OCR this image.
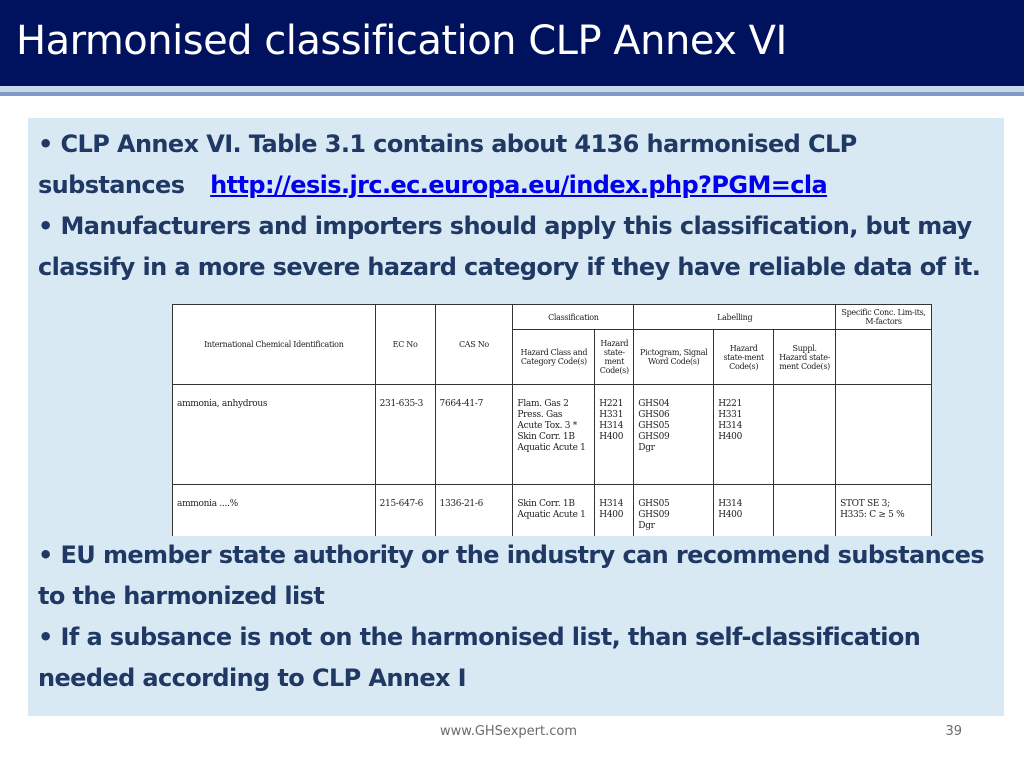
Harmonised classification CLP Annex VI

• CLP Annex VI. Table 3.1 contains about 4136 harmonised CLP substances http://esis.jrc.ec.europa.eu/index.php?PGM=cla

• Manufacturers and importers should apply this classification, but may classify in a more severe hazard category if they have reliable data of it.

International Chemical Identification	EC No	CAS No	Classification		Labelling			Specific Conc. Lim-its, M-factors
			Hazard Class and Category Code(s)	Hazard state-ment Code(s)	Pictogram, Signal Word Code(s)	Hazard state-ment Code(s)	Suppl. Hazard state-ment Code(s)	
ammonia, anhydrous	231-635-3	7664-41-7	Flam. Gas 2
Press. Gas
Acute Tox. 3 *
Skin Corr. 1B
Aquatic Acute 1	H221
H331
H314
H400	GHS04
GHS06
GHS05
GHS09
Dgr	H221
H331
H314
H400		

ammonia ....%	215-647-6	1336-21-6	Skin Corr. 1B
Aquatic Acute 1	H314
H400	GHS05
GHS09
Dgr	H314
H400		STOT SE 3;
H335: C ≥ 5 %

• EU member state authority or the industry can recommend substances to the harmonized list

• If a subsance is not on the harmonised list, than self-classification needed according to CLP Annex I

www.GHSexpert.com	39
